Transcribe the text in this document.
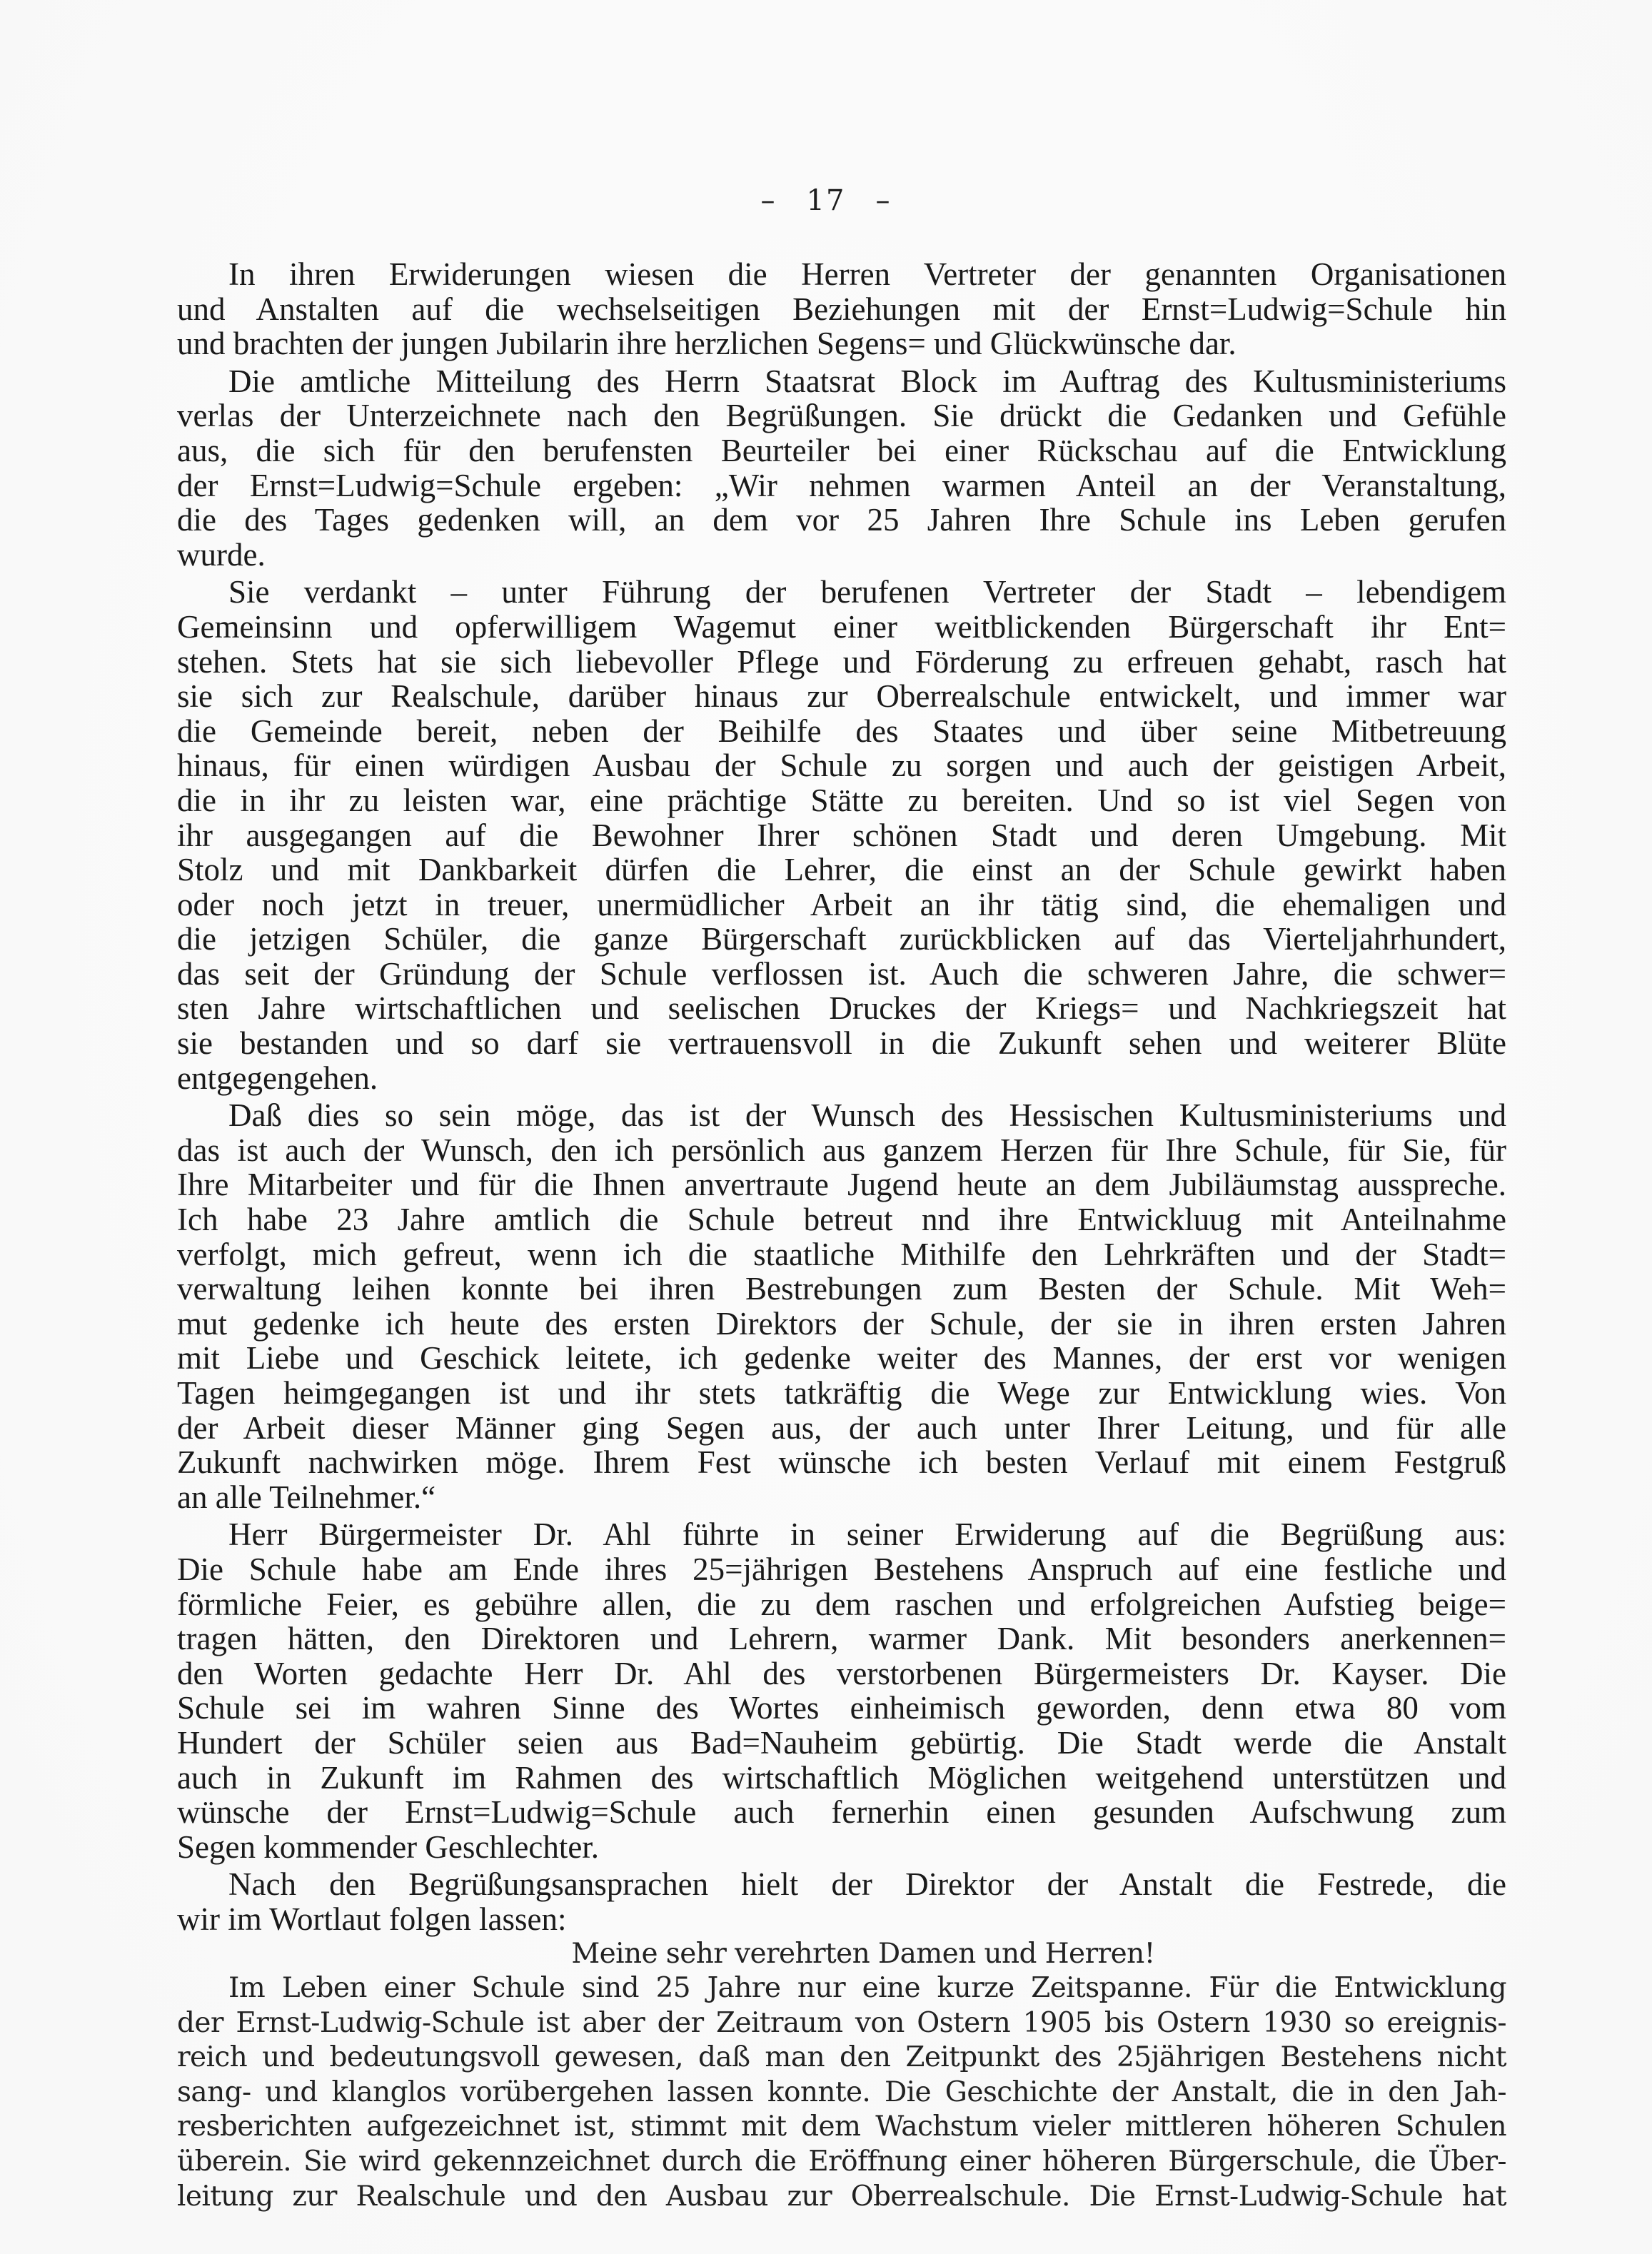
– 17 –
In ihren Erwiderungen wiesen die Herren Vertreter der genannten Organisationen
und Anstalten auf die wechselseitigen Beziehungen mit der Ernst=Ludwig=Schule hin
und brachten der jungen Jubilarin ihre herzlichen Segens= und Glückwünsche dar.
Die amtliche Mitteilung des Herrn Staatsrat Block im Auftrag des Kultusministeriums
verlas der Unterzeichnete nach den Begrüßungen. Sie drückt die Gedanken und Gefühle
aus, die sich für den berufensten Beurteiler bei einer Rückschau auf die Entwicklung
der Ernst=Ludwig=Schule ergeben: „Wir nehmen warmen Anteil an der Veranstaltung,
die des Tages gedenken will, an dem vor 25 Jahren Ihre Schule ins Leben gerufen
wurde.
Sie verdankt – unter Führung der berufenen Vertreter der Stadt – lebendigem
Gemeinsinn und opferwilligem Wagemut einer weitblickenden Bürgerschaft ihr Ent=
stehen. Stets hat sie sich liebevoller Pflege und Förderung zu erfreuen gehabt, rasch hat
sie sich zur Realschule, darüber hinaus zur Oberrealschule entwickelt, und immer war
die Gemeinde bereit, neben der Beihilfe des Staates und über seine Mitbetreuung
hinaus, für einen würdigen Ausbau der Schule zu sorgen und auch der geistigen Arbeit,
die in ihr zu leisten war, eine prächtige Stätte zu bereiten. Und so ist viel Segen von
ihr ausgegangen auf die Bewohner Ihrer schönen Stadt und deren Umgebung. Mit
Stolz und mit Dankbarkeit dürfen die Lehrer, die einst an der Schule gewirkt haben
oder noch jetzt in treuer, unermüdlicher Arbeit an ihr tätig sind, die ehemaligen und
die jetzigen Schüler, die ganze Bürgerschaft zurückblicken auf das Vierteljahrhundert,
das seit der Gründung der Schule verflossen ist. Auch die schweren Jahre, die schwer=
sten Jahre wirtschaftlichen und seelischen Druckes der Kriegs= und Nachkriegszeit hat
sie bestanden und so darf sie vertrauensvoll in die Zukunft sehen und weiterer Blüte
entgegengehen.
Daß dies so sein möge, das ist der Wunsch des Hessischen Kultusministeriums und
das ist auch der Wunsch, den ich persönlich aus ganzem Herzen für Ihre Schule, für Sie, für
Ihre Mitarbeiter und für die Ihnen anvertraute Jugend heute an dem Jubiläumstag ausspreche.
Ich habe 23 Jahre amtlich die Schule betreut nnd ihre Entwickluug mit Anteilnahme
verfolgt, mich gefreut, wenn ich die staatliche Mithilfe den Lehrkräften und der Stadt=
verwaltung leihen konnte bei ihren Bestrebungen zum Besten der Schule. Mit Weh=
mut gedenke ich heute des ersten Direktors der Schule, der sie in ihren ersten Jahren
mit Liebe und Geschick leitete, ich gedenke weiter des Mannes, der erst vor wenigen
Tagen heimgegangen ist und ihr stets tatkräftig die Wege zur Entwicklung wies. Von
der Arbeit dieser Männer ging Segen aus, der auch unter Ihrer Leitung, und für alle
Zukunft nachwirken möge. Ihrem Fest wünsche ich besten Verlauf mit einem Festgruß
an alle Teilnehmer.“
Herr Bürgermeister Dr. Ahl führte in seiner Erwiderung auf die Begrüßung aus:
Die Schule habe am Ende ihres 25=jährigen Bestehens Anspruch auf eine festliche und
förmliche Feier, es gebühre allen, die zu dem raschen und erfolgreichen Aufstieg beige=
tragen hätten, den Direktoren und Lehrern, warmer Dank. Mit besonders anerkennen=
den Worten gedachte Herr Dr. Ahl des verstorbenen Bürgermeisters Dr. Kayser. Die
Schule sei im wahren Sinne des Wortes einheimisch geworden, denn etwa 80 vom
Hundert der Schüler seien aus Bad=Nauheim gebürtig. Die Stadt werde die Anstalt
auch in Zukunft im Rahmen des wirtschaftlich Möglichen weitgehend unterstützen und
wünsche der Ernst=Ludwig=Schule auch fernerhin einen gesunden Aufschwung zum
Segen kommender Geschlechter.
Nach den Begrüßungsansprachen hielt der Direktor der Anstalt die Festrede, die
wir im Wortlaut folgen lassen:
Meine sehr verehrten Damen und Herren!
Im Leben einer Schule sind 25 Jahre nur eine kurze Zeitspanne. Für die Entwicklung
der Ernst-Ludwig-Schule ist aber der Zeitraum von Ostern 1905 bis Ostern 1930 so ereignis-
reich und bedeutungsvoll gewesen, daß man den Zeitpunkt des 25jährigen Bestehens nicht
sang- und klanglos vorübergehen lassen konnte. Die Geschichte der Anstalt, die in den Jah-
resberichten aufgezeichnet ist, stimmt mit dem Wachstum vieler mittleren höheren Schulen
überein. Sie wird gekennzeichnet durch die Eröffnung einer höheren Bürgerschule, die Über-
leitung zur Realschule und den Ausbau zur Oberrealschule. Die Ernst-Ludwig-Schule hat
